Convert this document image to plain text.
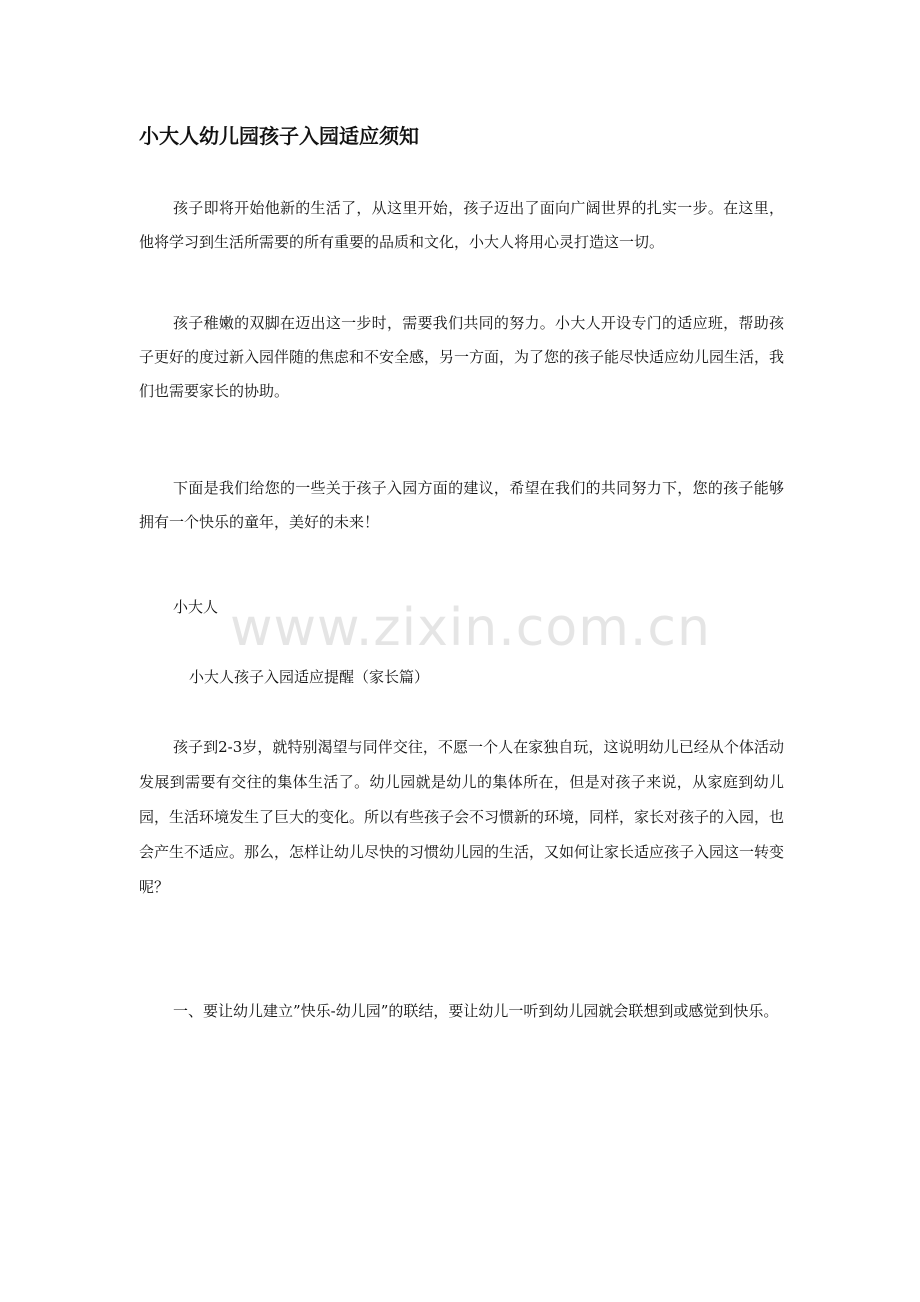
小大人幼儿园孩子入园适应须知

孩子即将开始他新的生活了，从这里开始，孩子迈出了面向广阔世界的扎实一步。在这里，他将学习到生活所需要的所有重要的品质和文化，小大人将用心灵打造这一切。

孩子稚嫩的双脚在迈出这一步时，需要我们共同的努力。小大人开设专门的适应班，帮助孩子更好的度过新入园伴随的焦虑和不安全感，另一方面，为了您的孩子能尽快适应幼儿园生活，我们也需要家长的协助。

下面是我们给您的一些关于孩子入园方面的建议，希望在我们的共同努力下，您的孩子能够拥有一个快乐的童年，美好的未来！

小大人 www.zixin.com.cn

小大人孩子入园适应提醒（家长篇）

孩子到2-3岁，就特别渴望与同伴交往，不愿一个人在家独自玩，这说明幼儿已经从个体活动发展到需要有交往的集体生活了。幼儿园就是幼儿的集体所在，但是对孩子来说，从家庭到幼儿园，生活环境发生了巨大的变化。所以有些孩子会不习惯新的环境，同样，家长对孩子的入园，也会产生不适应。那么，怎样让幼儿尽快的习惯幼儿园的生活，又如何让家长适应孩子入园这一转变呢？

一、要让幼儿建立”快乐-幼儿园”的联结，要让幼儿一听到幼儿园就会联想到或感觉到快乐。
